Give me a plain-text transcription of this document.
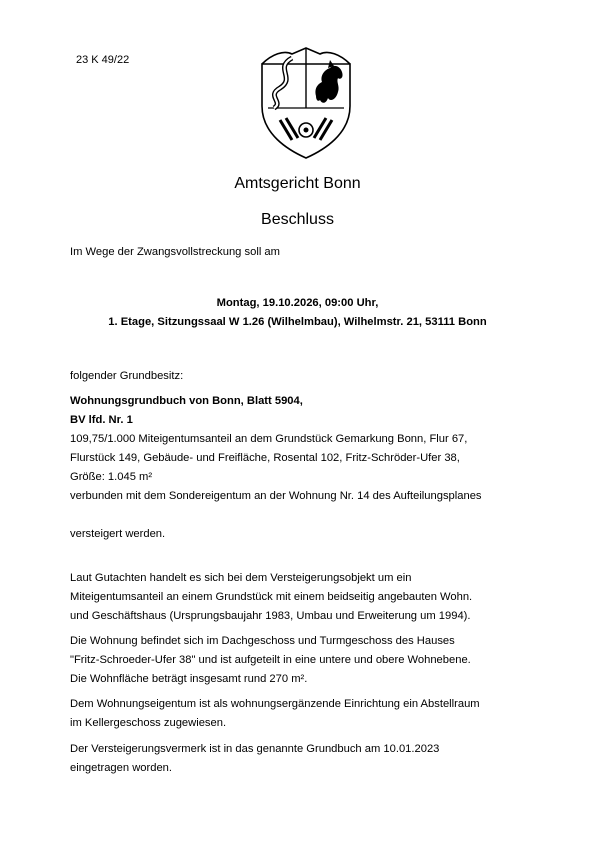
23 K 49/22
Amtsgericht Bonn
Beschluss
Im Wege der Zwangsvollstreckung soll am
Montag, 19.10.2026, 09:00 Uhr,
1. Etage, Sitzungssaal W 1.26 (Wilhelmbau), Wilhelmstr. 21, 53111 Bonn
folgender Grundbesitz:
Wohnungsgrundbuch von Bonn, Blatt 5904,
BV lfd. Nr. 1
109,75/1.000 Miteigentumsanteil an dem Grundstück Gemarkung Bonn, Flur 67,
Flurstück 149, Gebäude- und Freifläche, Rosental 102, Fritz-Schröder-Ufer 38,
Größe: 1.045 m²
verbunden mit dem Sondereigentum an der Wohnung Nr. 14 des Aufteilungsplanes
versteigert werden.
Laut Gutachten handelt es sich bei dem Versteigerungsobjekt um ein
Miteigentumsanteil an einem Grundstück mit einem beidseitig angebauten Wohn.
und Geschäftshaus (Ursprungsbaujahr 1983, Umbau und Erweiterung um 1994).
Die Wohnung befindet sich im Dachgeschoss und Turmgeschoss des Hauses
"Fritz-Schroeder-Ufer 38" und ist aufgeteilt in eine untere und obere Wohnebene.
Die Wohnfläche beträgt insgesamt rund 270 m².
Dem Wohnungseigentum ist als wohnungsergänzende Einrichtung ein Abstellraum
im Kellergeschoss zugewiesen.
Der Versteigerungsvermerk ist in das genannte Grundbuch am 10.01.2023
eingetragen worden.
